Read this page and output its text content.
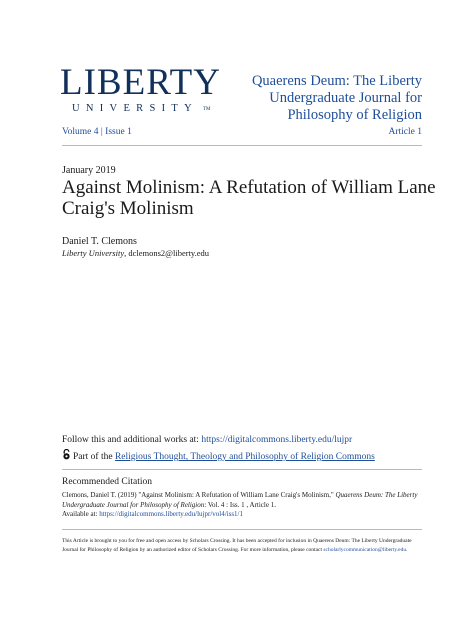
LIBERTY
UNIVERSITY	TM
Quaerens Deum: The Liberty
Undergraduate Journal for
Philosophy of Religion
Volume 4 | Issue 1	Article 1
January 2019
Against Molinism: A Refutation of William Lane Craig's Molinism
Daniel T. Clemons
Liberty University, dclemons2@liberty.edu
Follow this and additional works at: https://digitalcommons.liberty.edu/lujpr
Part of the Religious Thought, Theology and Philosophy of Religion Commons
Recommended Citation
Clemons, Daniel T. (2019) "Against Molinism: A Refutation of William Lane Craig's Molinism," Quaerens Deum: The Liberty Undergraduate Journal for Philosophy of Religion: Vol. 4 : Iss. 1 , Article 1.
Available at: https://digitalcommons.liberty.edu/lujpr/vol4/iss1/1
This Article is brought to you for free and open access by Scholars Crossing. It has been accepted for inclusion in Quaerens Deum: The Liberty Undergraduate Journal for Philosophy of Religion by an authorized editor of Scholars Crossing. For more information, please contact scholarlycommunication@liberty.edu.
